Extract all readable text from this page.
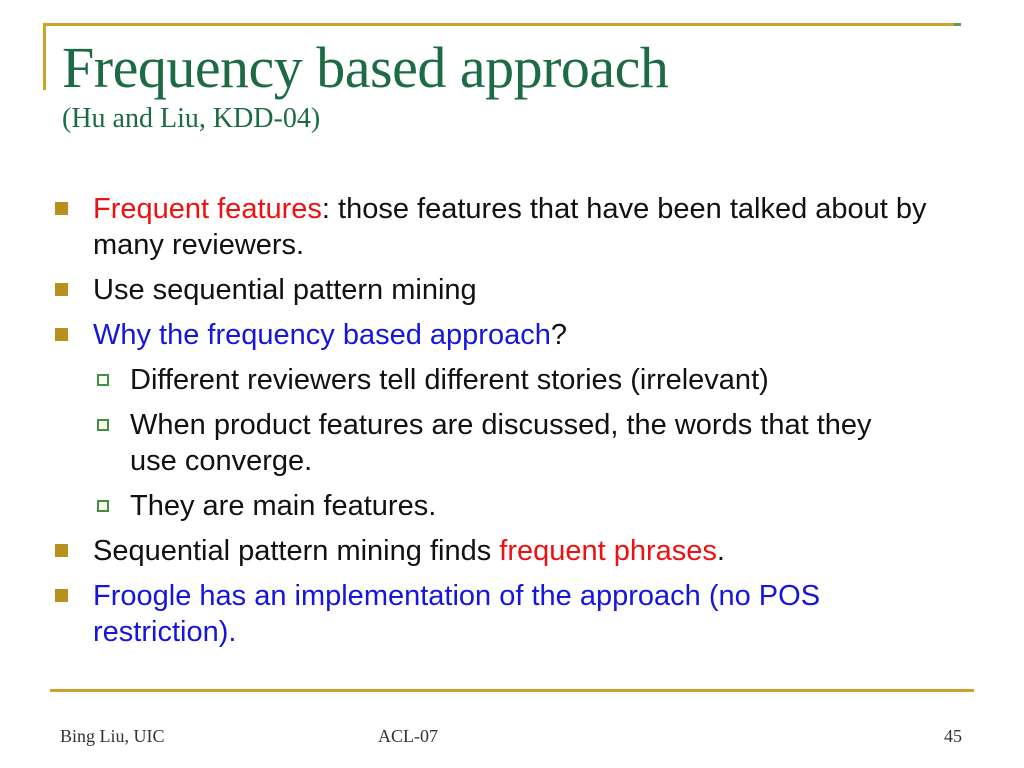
Frequency based approach
(Hu and Liu, KDD-04)

Frequent features: those features that have been talked about by many reviewers.

Use sequential pattern mining

Why the frequency based approach?

Different reviewers tell different stories (irrelevant)

When product features are discussed, the words that they use converge.

They are main features.

Sequential pattern mining finds frequent phrases.

Froogle has an implementation of the approach (no POS restriction).

Bing Liu, UIC	ACL-07	45
